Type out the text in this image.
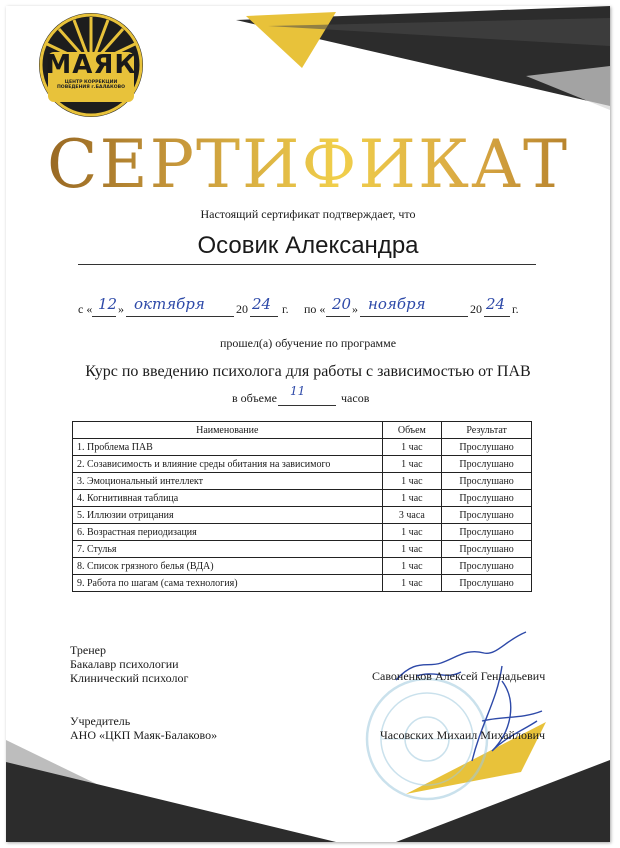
МАЯК
ЦЕНТР КОРРЕКЦИИ ПОВЕДЕНИЯ г.БАЛАКОВО
СЕРТИФИКАТ
Настоящий сертификат подтверждает, что
Осовик Александра
с « 12 » октября	20 24 г. по « 20 » ноября	20 24 г.
прошел(а) обучение по программе
Курс по введению психолога для работы с зависимостью от ПАВ
в объеме 11	часов
Наименование	Объем	Результат
1. Проблема ПАВ	1 час	Прослушано
2. Созависимость и влияние среды обитания на зависимого	1 час	Прослушано
3. Эмоциональный интеллект	1 час	Прослушано
4. Когнитивная таблица	1 час	Прослушано
5. Иллюзии отрицания	3 часа	Прослушано
6. Возрастная периодизация	1 час	Прослушано
7. Стулья	1 час	Прослушано
8. Список грязного белья (ВДА)	1 час	Прослушано
9. Работа по шагам (сама технология)	1 час	Прослушано
Тренер
Бакалавр психологии
Клинический психолог	Савоненков Алексей Геннадьевич
Учредитель
АНО «ЦКП Маяк-Балаково»	Часовских Михаил Михайлович
